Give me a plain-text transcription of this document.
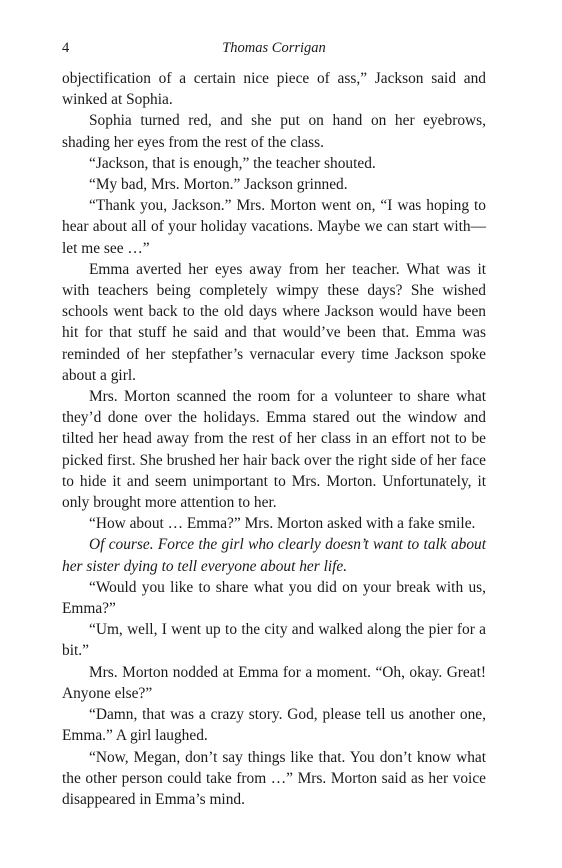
4	Thomas Corrigan

objectification of a certain nice piece of ass,” Jackson said and winked at Sophia.

Sophia turned red, and she put on hand on her eyebrows, shading her eyes from the rest of the class.

“Jackson, that is enough,” the teacher shouted.

“My bad, Mrs. Morton.” Jackson grinned.

“Thank you, Jackson.” Mrs. Morton went on, “I was hoping to hear about all of your holiday vacations. Maybe we can start with—let me see …”

Emma averted her eyes away from her teacher. What was it with teachers being completely wimpy these days? She wished schools went back to the old days where Jackson would have been hit for that stuff he said and that would’ve been that. Emma was reminded of her stepfather’s vernacular every time Jackson spoke about a girl.

Mrs. Morton scanned the room for a volunteer to share what they’d done over the holidays. Emma stared out the window and tilted her head away from the rest of her class in an effort not to be picked first. She brushed her hair back over the right side of her face to hide it and seem unimportant to Mrs. Morton. Unfortunately, it only brought more attention to her.

“How about … Emma?” Mrs. Morton asked with a fake smile.

Of course. Force the girl who clearly doesn’t want to talk about her sister dying to tell everyone about her life.

“Would you like to share what you did on your break with us, Emma?”

“Um, well, I went up to the city and walked along the pier for a bit.”

Mrs. Morton nodded at Emma for a moment. “Oh, okay. Great! Anyone else?”

“Damn, that was a crazy story. God, please tell us another one, Emma.” A girl laughed.

“Now, Megan, don’t say things like that. You don’t know what the other person could take from …” Mrs. Morton said as her voice disappeared in Emma’s mind.
